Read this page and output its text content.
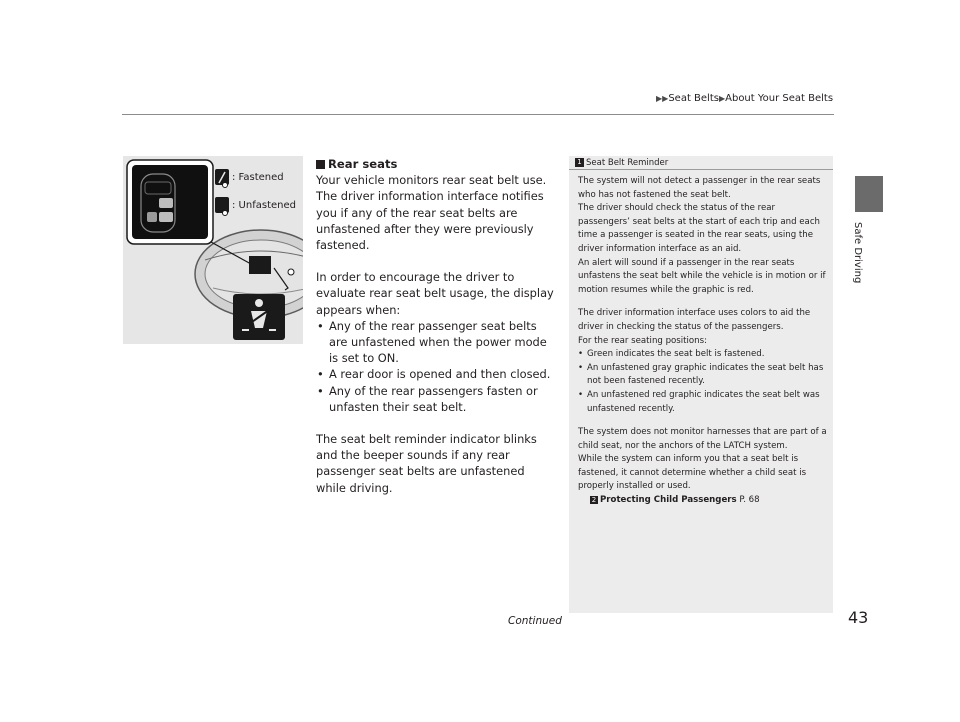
▶▶Seat Belts▶About Your Seat Belts
Safe Driving
: Fastened
: Unfastened
Rear seats

Your vehicle monitors rear seat belt use. The driver information interface notifies you if any of the rear seat belts are unfastened after they were previously fastened.

In order to encourage the driver to evaluate rear seat belt usage, the display appears when:

• Any of the rear passenger seat belts are unfastened when the power mode is set to ON.
• A rear door is opened and then closed.
• Any of the rear passengers fasten or unfasten their seat belt.

The seat belt reminder indicator blinks and the beeper sounds if any rear passenger seat belts are unfastened while driving.

1 Seat Belt Reminder

The system will not detect a passenger in the rear seats who has not fastened the seat belt.

The driver should check the status of the rear passengers’ seat belts at the start of each trip and each time a passenger is seated in the rear seats, using the driver information interface as an aid.

An alert will sound if a passenger in the rear seats unfastens the seat belt while the vehicle is in motion or if motion resumes while the graphic is red.

The driver information interface uses colors to aid the driver in checking the status of the passengers.

For the rear seating positions:

• Green indicates the seat belt is fastened.
• An unfastened gray graphic indicates the seat belt has not been fastened recently.
• An unfastened red graphic indicates the seat belt was unfastened recently.

The system does not monitor harnesses that are part of a child seat, nor the anchors of the LATCH system.

While the system can inform you that a seat belt is fastened, it cannot determine whether a child seat is properly installed or used.

2 Protecting Child Passengers P. 68

Continued	43
